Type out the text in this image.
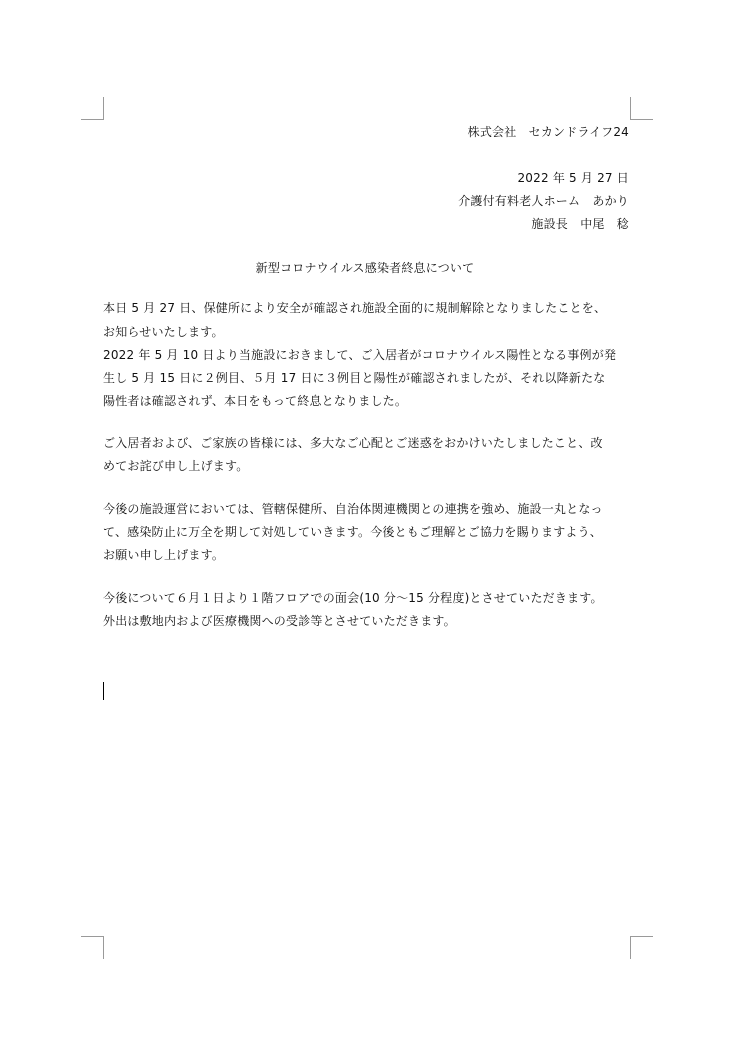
株式会社　セカンドライフ24
2022 年 5 月 27 日
介護付有料老人ホーム　あかり
施設長　中尾　稔
新型コロナウイルス感染者終息について
本日 5 月 27 日、保健所により安全が確認され施設全面的に規制解除となりましたことを、
お知らせいたします。
2022 年 5 月 10 日より当施設におきまして、ご入居者がコロナウイルス陽性となる事例が発
生し 5 月 15 日に２例目、５月 17 日に３例目と陽性が確認されましたが、それ以降新たな
陽性者は確認されず、本日をもって終息となりました。
ご入居者および、ご家族の皆様には、多大なご心配とご迷惑をおかけいたしましたこと、改
めてお詫び申し上げます。
今後の施設運営においては、管轄保健所、自治体関連機関との連携を強め、施設一丸となっ
て、感染防止に万全を期して対処していきます。今後ともご理解とご協力を賜りますよう、
お願い申し上げます。
今後について６月１日より１階フロアでの面会(10 分～15 分程度)とさせていただきます。
外出は敷地内および医療機関への受診等とさせていただきます。
